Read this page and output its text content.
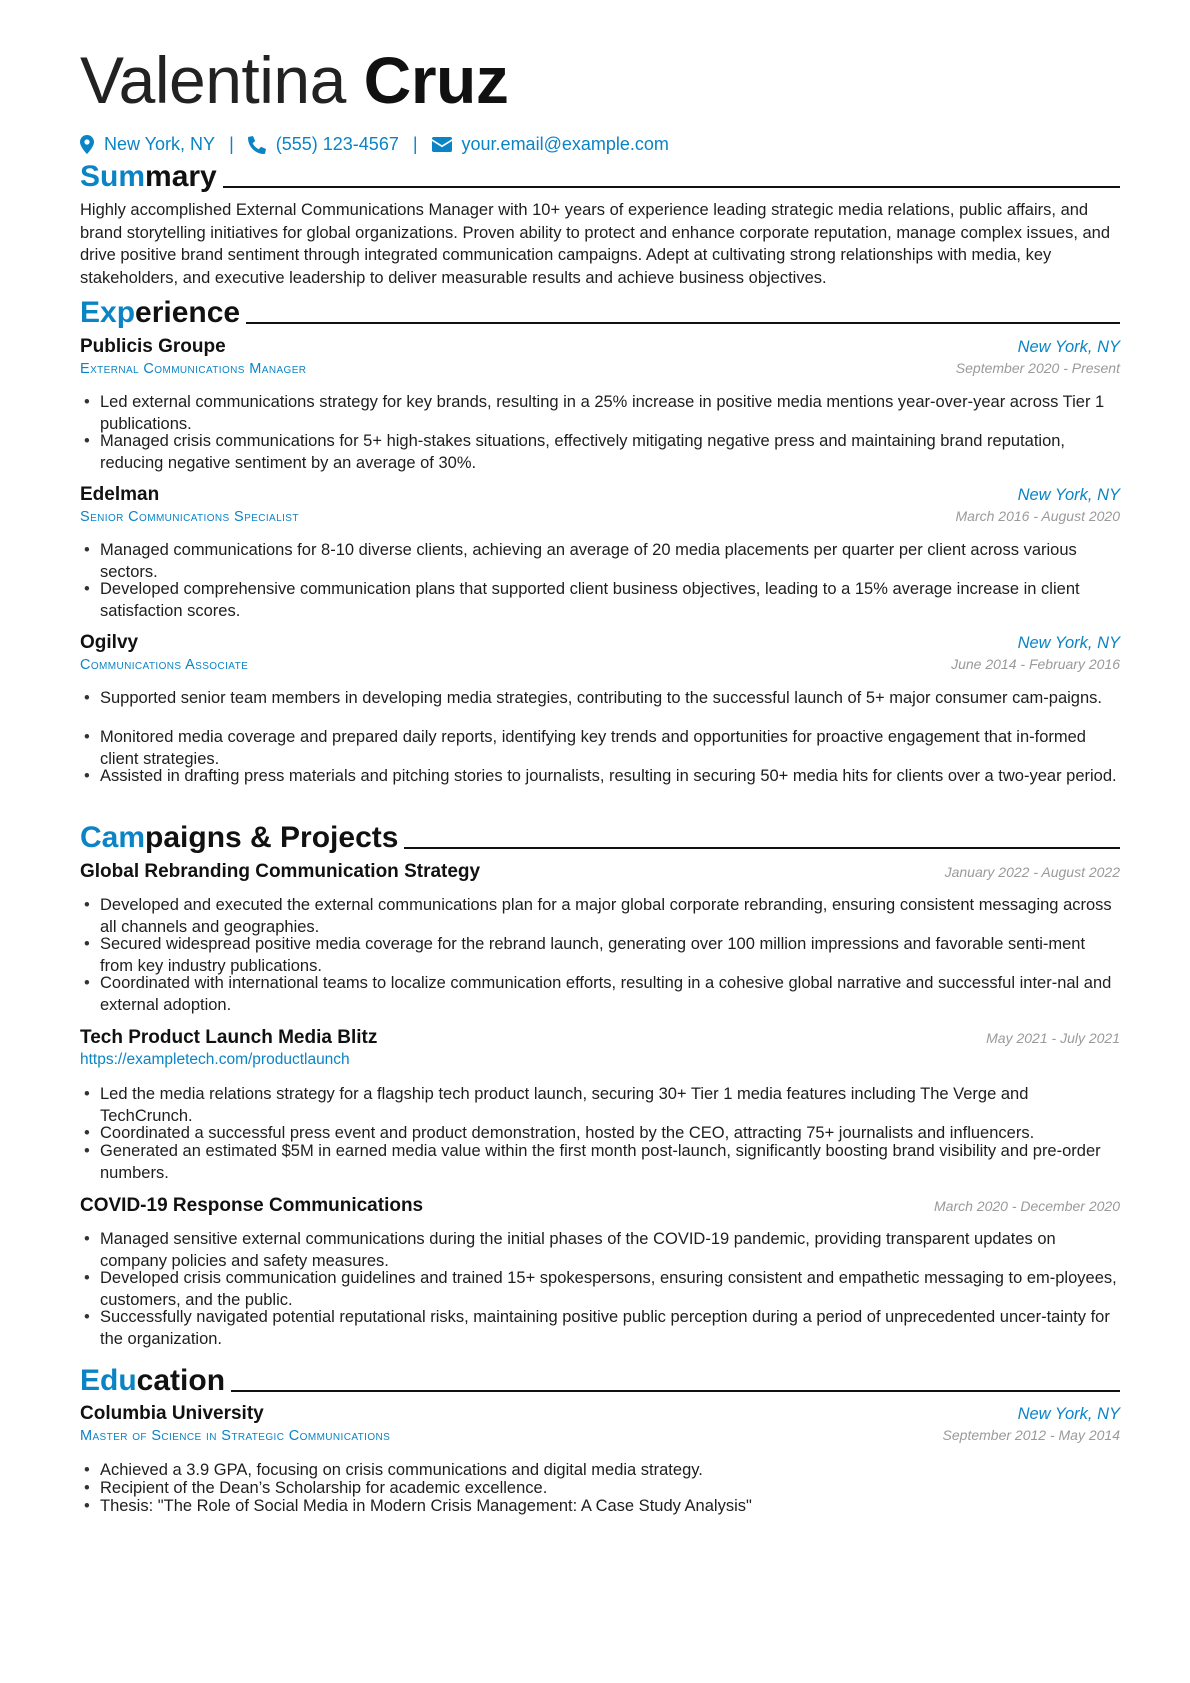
Valentina Cruz
New York, NY | (555) 123-4567 | your.email@example.com
Summary
Highly accomplished External Communications Manager with 10+ years of experience leading strategic media relations, public affairs, and brand storytelling initiatives for global organizations. Proven ability to protect and enhance corporate reputation, manage complex issues, and drive positive brand sentiment through integrated communication campaigns. Adept at cultivating strong relationships with media, key stakeholders, and executive leadership to deliver measurable results and achieve business objectives.
Experience
Publicis Groupe	New York, NY
External Communications Manager	September 2020 - Present
• Led external communications strategy for key brands, resulting in a 25% increase in positive media mentions year-over-year across Tier 1 publications.
• Managed crisis communications for 5+ high-stakes situations, effectively mitigating negative press and maintaining brand reputation, reducing negative sentiment by an average of 30%.
Edelman	New York, NY
Senior Communications Specialist	March 2016 - August 2020
• Managed communications for 8-10 diverse clients, achieving an average of 20 media placements per quarter per client across various sectors.
• Developed comprehensive communication plans that supported client business objectives, leading to a 15% average increase in client satisfaction scores.
Ogilvy	New York, NY
Communications Associate	June 2014 - February 2016
• Supported senior team members in developing media strategies, contributing to the successful launch of 5+ major consumer cam-paigns.
• Monitored media coverage and prepared daily reports, identifying key trends and opportunities for proactive engagement that in-formed client strategies.
• Assisted in drafting press materials and pitching stories to journalists, resulting in securing 50+ media hits for clients over a two-year period.
Campaigns & Projects
Global Rebranding Communication Strategy	January 2022 - August 2022
• Developed and executed the external communications plan for a major global corporate rebranding, ensuring consistent messaging across all channels and geographies.
• Secured widespread positive media coverage for the rebrand launch, generating over 100 million impressions and favorable senti-ment from key industry publications.
• Coordinated with international teams to localize communication efforts, resulting in a cohesive global narrative and successful inter-nal and external adoption.
Tech Product Launch Media Blitz	May 2021 - July 2021
https://exampletech.com/productlaunch
• Led the media relations strategy for a flagship tech product launch, securing 30+ Tier 1 media features including The Verge and TechCrunch.
• Coordinated a successful press event and product demonstration, hosted by the CEO, attracting 75+ journalists and influencers.
• Generated an estimated $5M in earned media value within the first month post-launch, significantly boosting brand visibility and pre-order numbers.
COVID-19 Response Communications	March 2020 - December 2020
• Managed sensitive external communications during the initial phases of the COVID-19 pandemic, providing transparent updates on company policies and safety measures.
• Developed crisis communication guidelines and trained 15+ spokespersons, ensuring consistent and empathetic messaging to em-ployees, customers, and the public.
• Successfully navigated potential reputational risks, maintaining positive public perception during a period of unprecedented uncer-tainty for the organization.
Education
Columbia University	New York, NY
Master of Science in Strategic Communications	September 2012 - May 2014
• Achieved a 3.9 GPA, focusing on crisis communications and digital media strategy.
• Recipient of the Dean’s Scholarship for academic excellence.
• Thesis: "The Role of Social Media in Modern Crisis Management: A Case Study Analysis"
